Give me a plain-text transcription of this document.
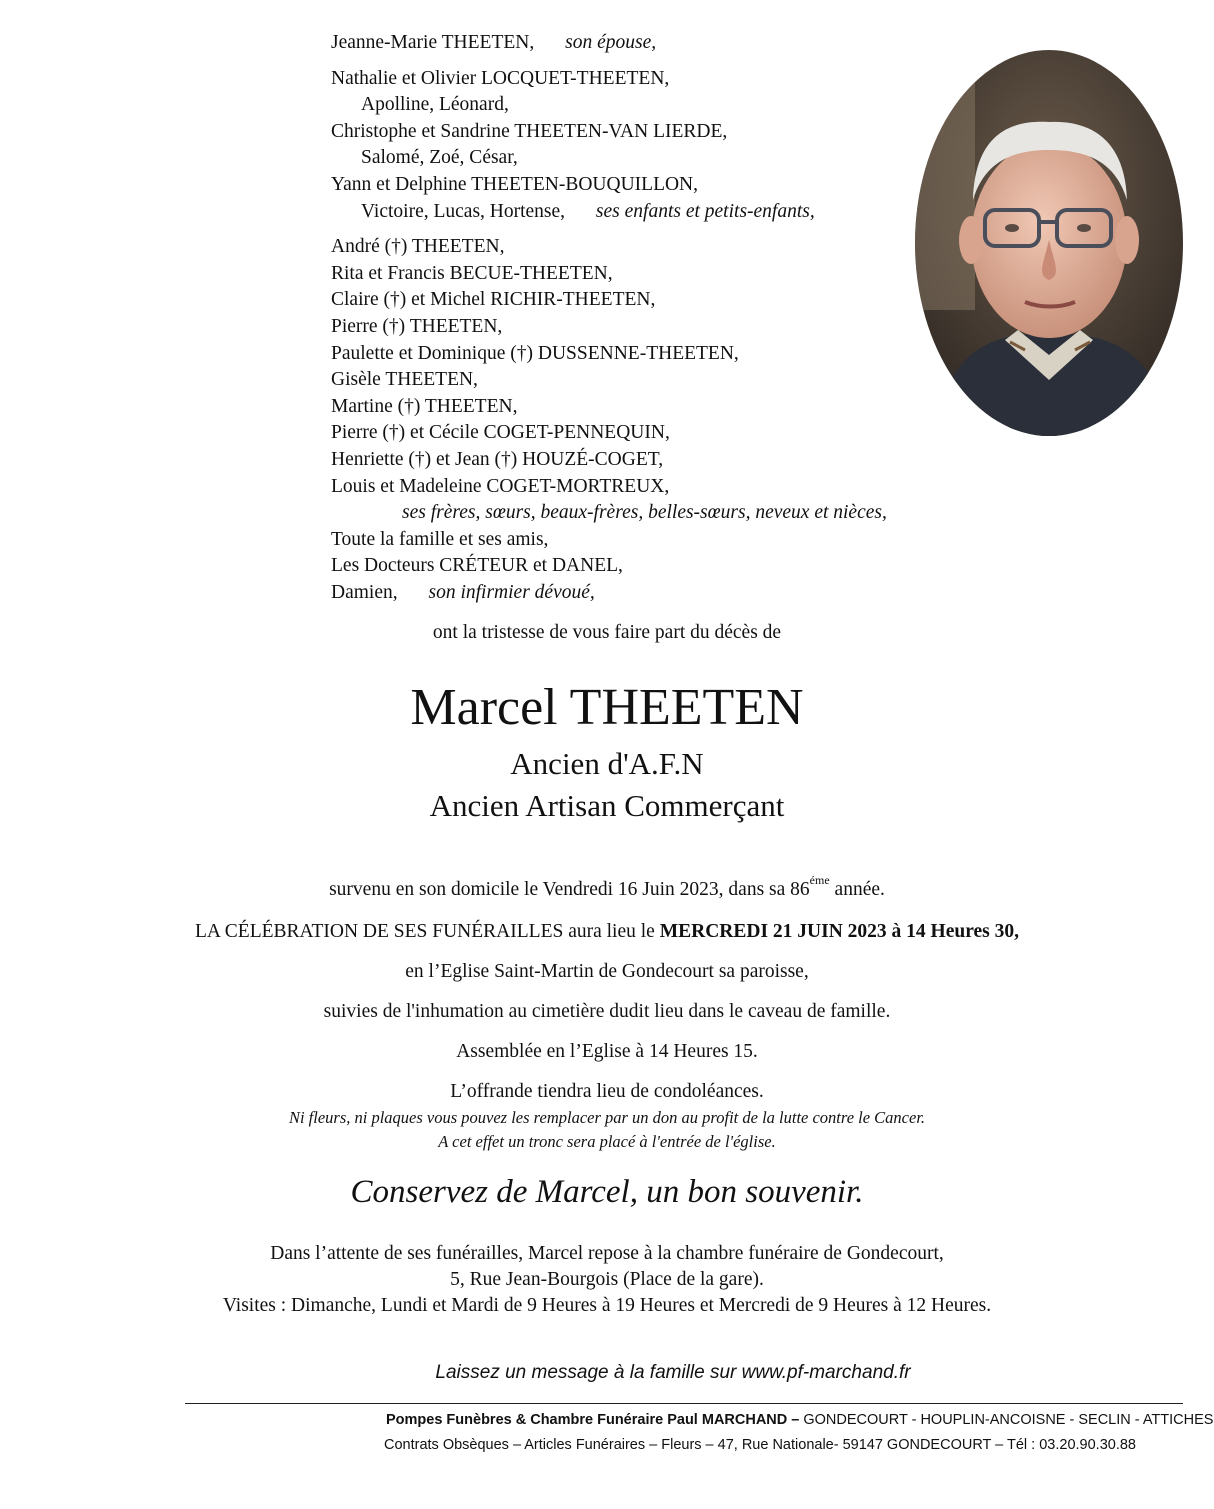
Jeanne-Marie THEETEN, son épouse,
Nathalie et Olivier LOCQUET-THEETEN,
Apolline, Léonard,
Christophe et Sandrine THEETEN-VAN LIERDE,
Salomé, Zoé, César,
Yann et Delphine THEETEN-BOUQUILLON,
Victoire, Lucas, Hortense, ses enfants et petits-enfants,
André (†) THEETEN,
Rita et Francis BECUE-THEETEN,
Claire (†) et Michel RICHIR-THEETEN,
Pierre (†) THEETEN,
Paulette et Dominique (†) DUSSENNE-THEETEN,
Gisèle THEETEN,
Martine (†) THEETEN,
Pierre (†) et Cécile COGET-PENNEQUIN,
Henriette (†) et Jean (†) HOUZÉ-COGET,
Louis et Madeleine COGET-MORTREUX,
ses frères, sœurs, beaux-frères, belles-sœurs, neveux et nièces,
Toute la famille et ses amis,
Les Docteurs CRÉTEUR et DANEL,
Damien, son infirmier dévoué,
ont la tristesse de vous faire part du décès de
Marcel THEETEN
Ancien d'A.F.N
Ancien Artisan Commerçant
survenu en son domicile le Vendredi 16 Juin 2023, dans sa $86^{éme}$ année.
LA CÉLÉBRATION DE SES FUNÉRAILLES aura lieu le MERCREDI 21 JUIN 2023 à 14 Heures 30,
en l’Eglise Saint-Martin de Gondecourt sa paroisse,
suivies de l'inhumation au cimetière dudit lieu dans le caveau de famille.
Assemblée en l’Eglise à 14 Heures 15.
L’offrande tiendra lieu de condoléances.
Ni fleurs, ni plaques vous pouvez les remplacer par un don au profit de la lutte contre le Cancer.
A cet effet un tronc sera placé à l'entrée de l'église.
Conservez de Marcel, un bon souvenir.
Dans l’attente de ses funérailles, Marcel repose à la chambre funéraire de Gondecourt,
5, Rue Jean-Bourgois (Place de la gare).
Visites : Dimanche, Lundi et Mardi de 9 Heures à 19 Heures et Mercredi de 9 Heures à 12 Heures.
Laissez un message à la famille sur www.pf-marchand.fr
Pompes Funèbres & Chambre Funéraire Paul MARCHAND – GONDECOURT - HOUPLIN-ANCOISNE - SECLIN - ATTICHES
Contrats Obsèques – Articles Funéraires – Fleurs – 47, Rue Nationale- 59147 GONDECOURT – Tél : 03.20.90.30.88
